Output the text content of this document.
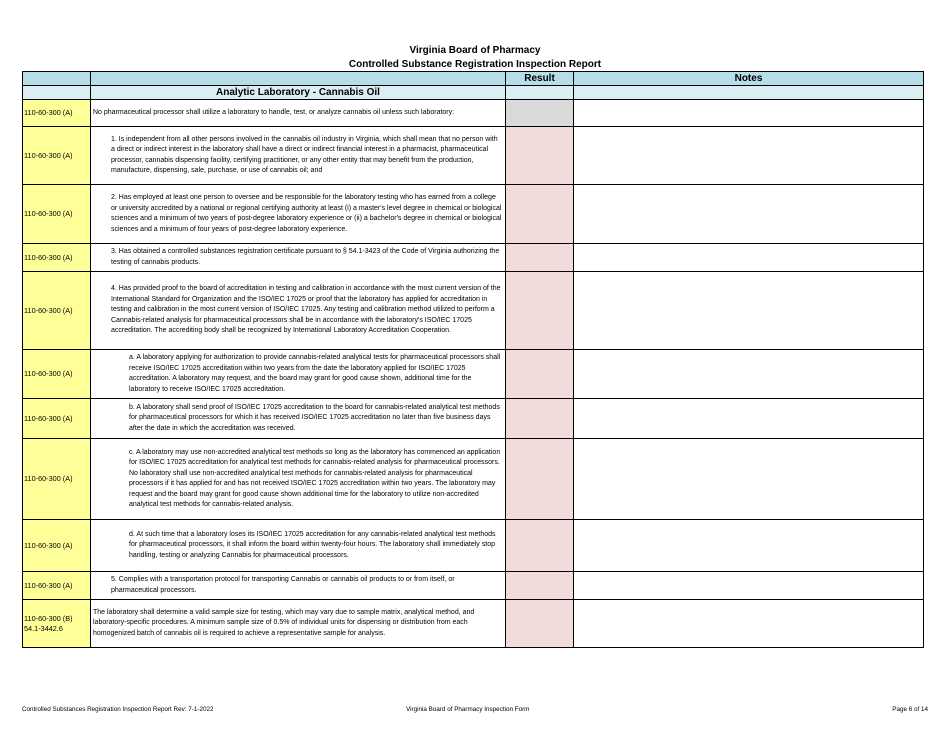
Virginia Board of Pharmacy
Controlled Substance Registration Inspection Report
		Result	Notes
	Analytic Laboratory - Cannabis Oil		
110-60-300 (A)	No pharmaceutical processor shall utilize a laboratory to handle, test, or analyze cannabis oil unless such laboratory:		
110-60-300 (A)	1. Is independent from all other persons involved in the cannabis oil industry in Virginia, which shall mean that no person with a direct or indirect interest in the laboratory shall have a direct or indirect financial interest in a pharmacist, pharmaceutical processor, cannabis dispensing facility, certifying practitioner, or any other entity that may benefit from the production, manufacture, dispensing, sale, purchase, or use of cannabis oil; and		
110-60-300 (A)	2. Has employed at least one person to oversee and be responsible for the laboratory testing who has earned from a college or university accredited by a national or regional certifying authority at least (i) a master's level degree in chemical or biological sciences and a minimum of two years of post-degree laboratory experience or (ii) a bachelor's degree in chemical or biological sciences and a minimum of four years of post-degree laboratory experience.		
110-60-300 (A)	3. Has obtained a controlled substances registration certificate pursuant to § 54.1-3423 of the Code of Virginia authorizing the testing of cannabis products.		
110-60-300 (A)	4. Has provided proof to the board of accreditation in testing and calibration in accordance with the most current version of the International Standard for Organization and the ISO/IEC 17025 or proof that the laboratory has applied for accreditation in testing and calibration in the most current version of ISO/IEC 17025. Any testing and calibration method utilized to perform a Cannabis-related analysis for pharmaceutical processors shall be in accordance with the laboratory's ISO/IEC 17025 accreditation. The accrediting body shall be recognized by International Laboratory Accreditation Cooperation.		
110-60-300 (A)	a. A laboratory applying for authorization to provide cannabis-related analytical tests for pharmaceutical processors shall receive ISO/IEC 17025 accreditation within two years from the date the laboratory applied for ISO/IEC 17025 accreditation. A laboratory may request, and the board may grant for good cause shown, additional time for the laboratory to receive ISO/IEC 17025 accreditation.		
110-60-300 (A)	b. A laboratory shall send proof of ISO/IEC 17025 accreditation to the board for cannabis-related analytical test methods for pharmaceutical processors for which it has received ISO/IEC 17025 accreditation no later than five business days after the date in which the accreditation was received.		
110-60-300 (A)	c. A laboratory may use non-accredited analytical test methods so long as the laboratory has commenced an application for ISO/IEC 17025 accreditation for analytical test methods for cannabis-related analysis for pharmaceutical processors. No laboratory shall use non-accredited analytical test methods for cannabis-related analysis for pharmaceutical processors if it has applied for and has not received ISO/IEC 17025 accreditation within two years. The laboratory may request and the board may grant for good cause shown additional time for the laboratory to utilize non-accredited analytical test methods for cannabis-related analysis.		
110-60-300 (A)	d. At such time that a laboratory loses its ISO/IEC 17025 accreditation for any cannabis-related analytical test methods for pharmaceutical processors, it shall inform the board within twenty-four hours. The laboratory shall immediately stop handling, testing or analyzing Cannabis for pharmaceutical processors.		
110-60-300 (A)	5. Complies with a transportation protocol for transporting Cannabis or cannabis oil products to or from itself, or pharmaceutical processors.		

110-60-300 (B)
54.1-3442.6	The laboratory shall determine a valid sample size for testing, which may vary due to sample matrix, analytical method, and laboratory-specific procedures. A minimum sample size of 0.5% of individual units for dispensing or distribution from each homogenized batch of cannabis oil is required to achieve a representative sample for analysis.		
Controlled Substances Registration Inspection Report Rev: 7-1-2022	Virginia Board of Pharmacy Inspection Form	Page 6 of 14
